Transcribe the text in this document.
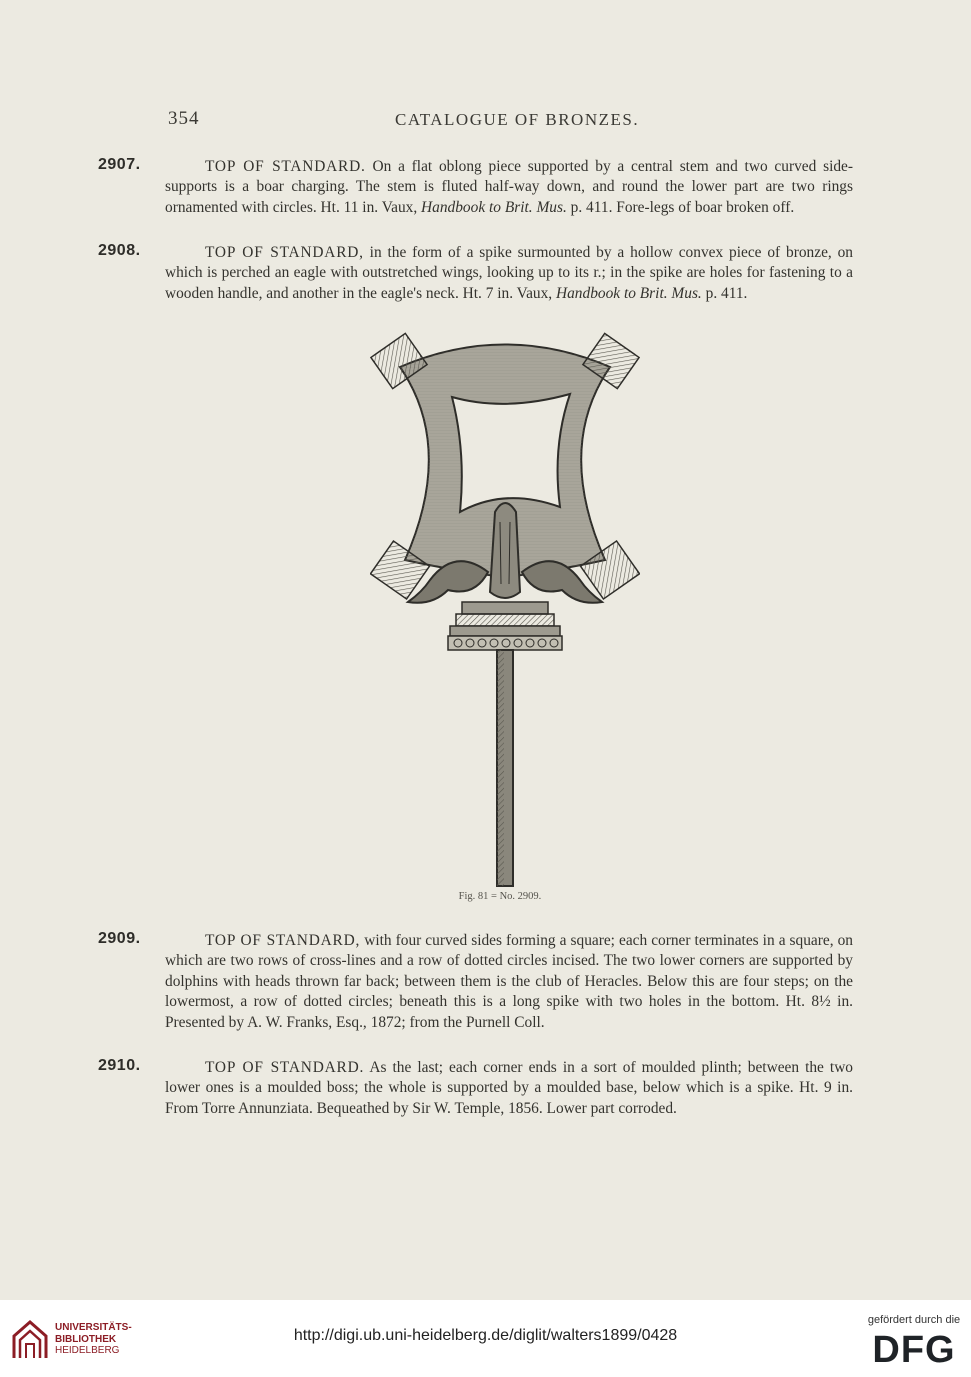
354	CATALOGUE OF BRONZES.
2907.	TOP OF STANDARD. On a flat oblong piece supported by a central stem and two curved side-supports is a boar charging. The stem is fluted half-way down, and round the lower part are two rings ornamented with circles. Ht. 11 in. Vaux, Handbook to Brit. Mus. p. 411. Fore-legs of boar broken off.
2908.	TOP OF STANDARD, in the form of a spike surmounted by a hollow convex piece of bronze, on which is perched an eagle with outstretched wings, looking up to its r.; in the spike are holes for fastening to a wooden handle, and another in the eagle's neck. Ht. 7 in. Vaux, Handbook to Brit. Mus. p. 411.
Fig. 81 = No. 2909.
2909.	TOP OF STANDARD, with four curved sides forming a square; each corner terminates in a square, on which are two rows of cross-lines and a row of dotted circles incised. The two lower corners are supported by dolphins with heads thrown far back; between them is the club of Heracles. Below this are four steps; on the lowermost, a row of dotted circles; beneath this is a long spike with two holes in the bottom. Ht. 8½ in. Presented by A. W. Franks, Esq., 1872; from the Purnell Coll.
2910.	TOP OF STANDARD. As the last; each corner ends in a sort of moulded plinth; between the two lower ones is a moulded boss; the whole is supported by a moulded base, below which is a spike. Ht. 9 in. From Torre Annunziata. Bequeathed by Sir W. Temple, 1856. Lower part corroded.
UNIVERSITÄTS-
BIBLIOTHEK
HEIDELBERG
http://digi.ub.uni-heidelberg.de/diglit/walters1899/0428
gefördert durch die
DFG
